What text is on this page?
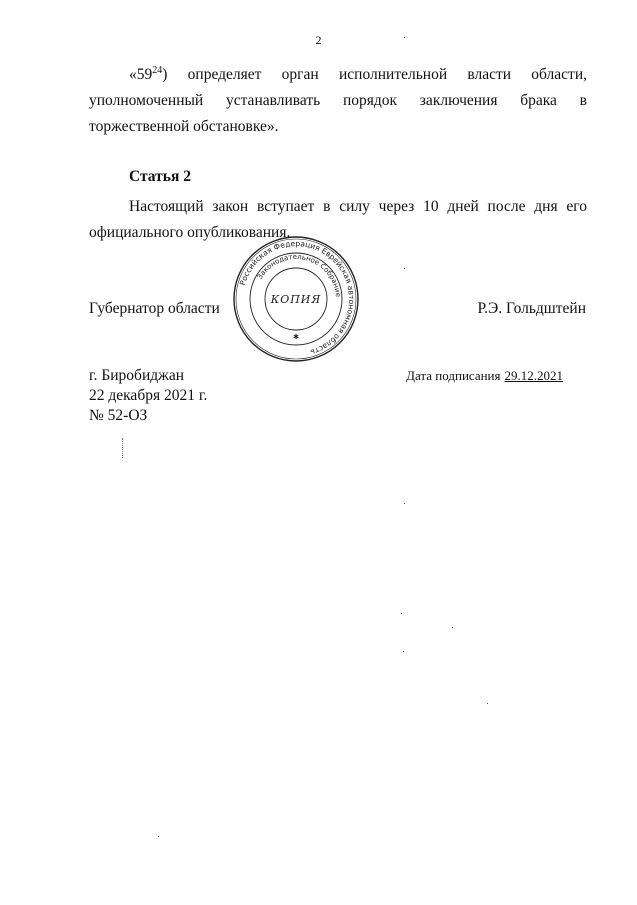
2

«$59^{24}$) определяет орган исполнительной власти области, уполномоченный устанавливать порядок заключения брака в торжественной обстановке».

Статья 2

Настоящий закон вступает в силу через 10 дней после дня его официального опубликования.

Губернатор области	Р.Э. Гольдштейн
Российская Федерация Еврейская автономная область
Законодательное Собрание
КОПИЯ
✱
г. Биробиджан
22 декабря 2021 г.
№ 52-ОЗ
Дата подписания 29.12.2021
